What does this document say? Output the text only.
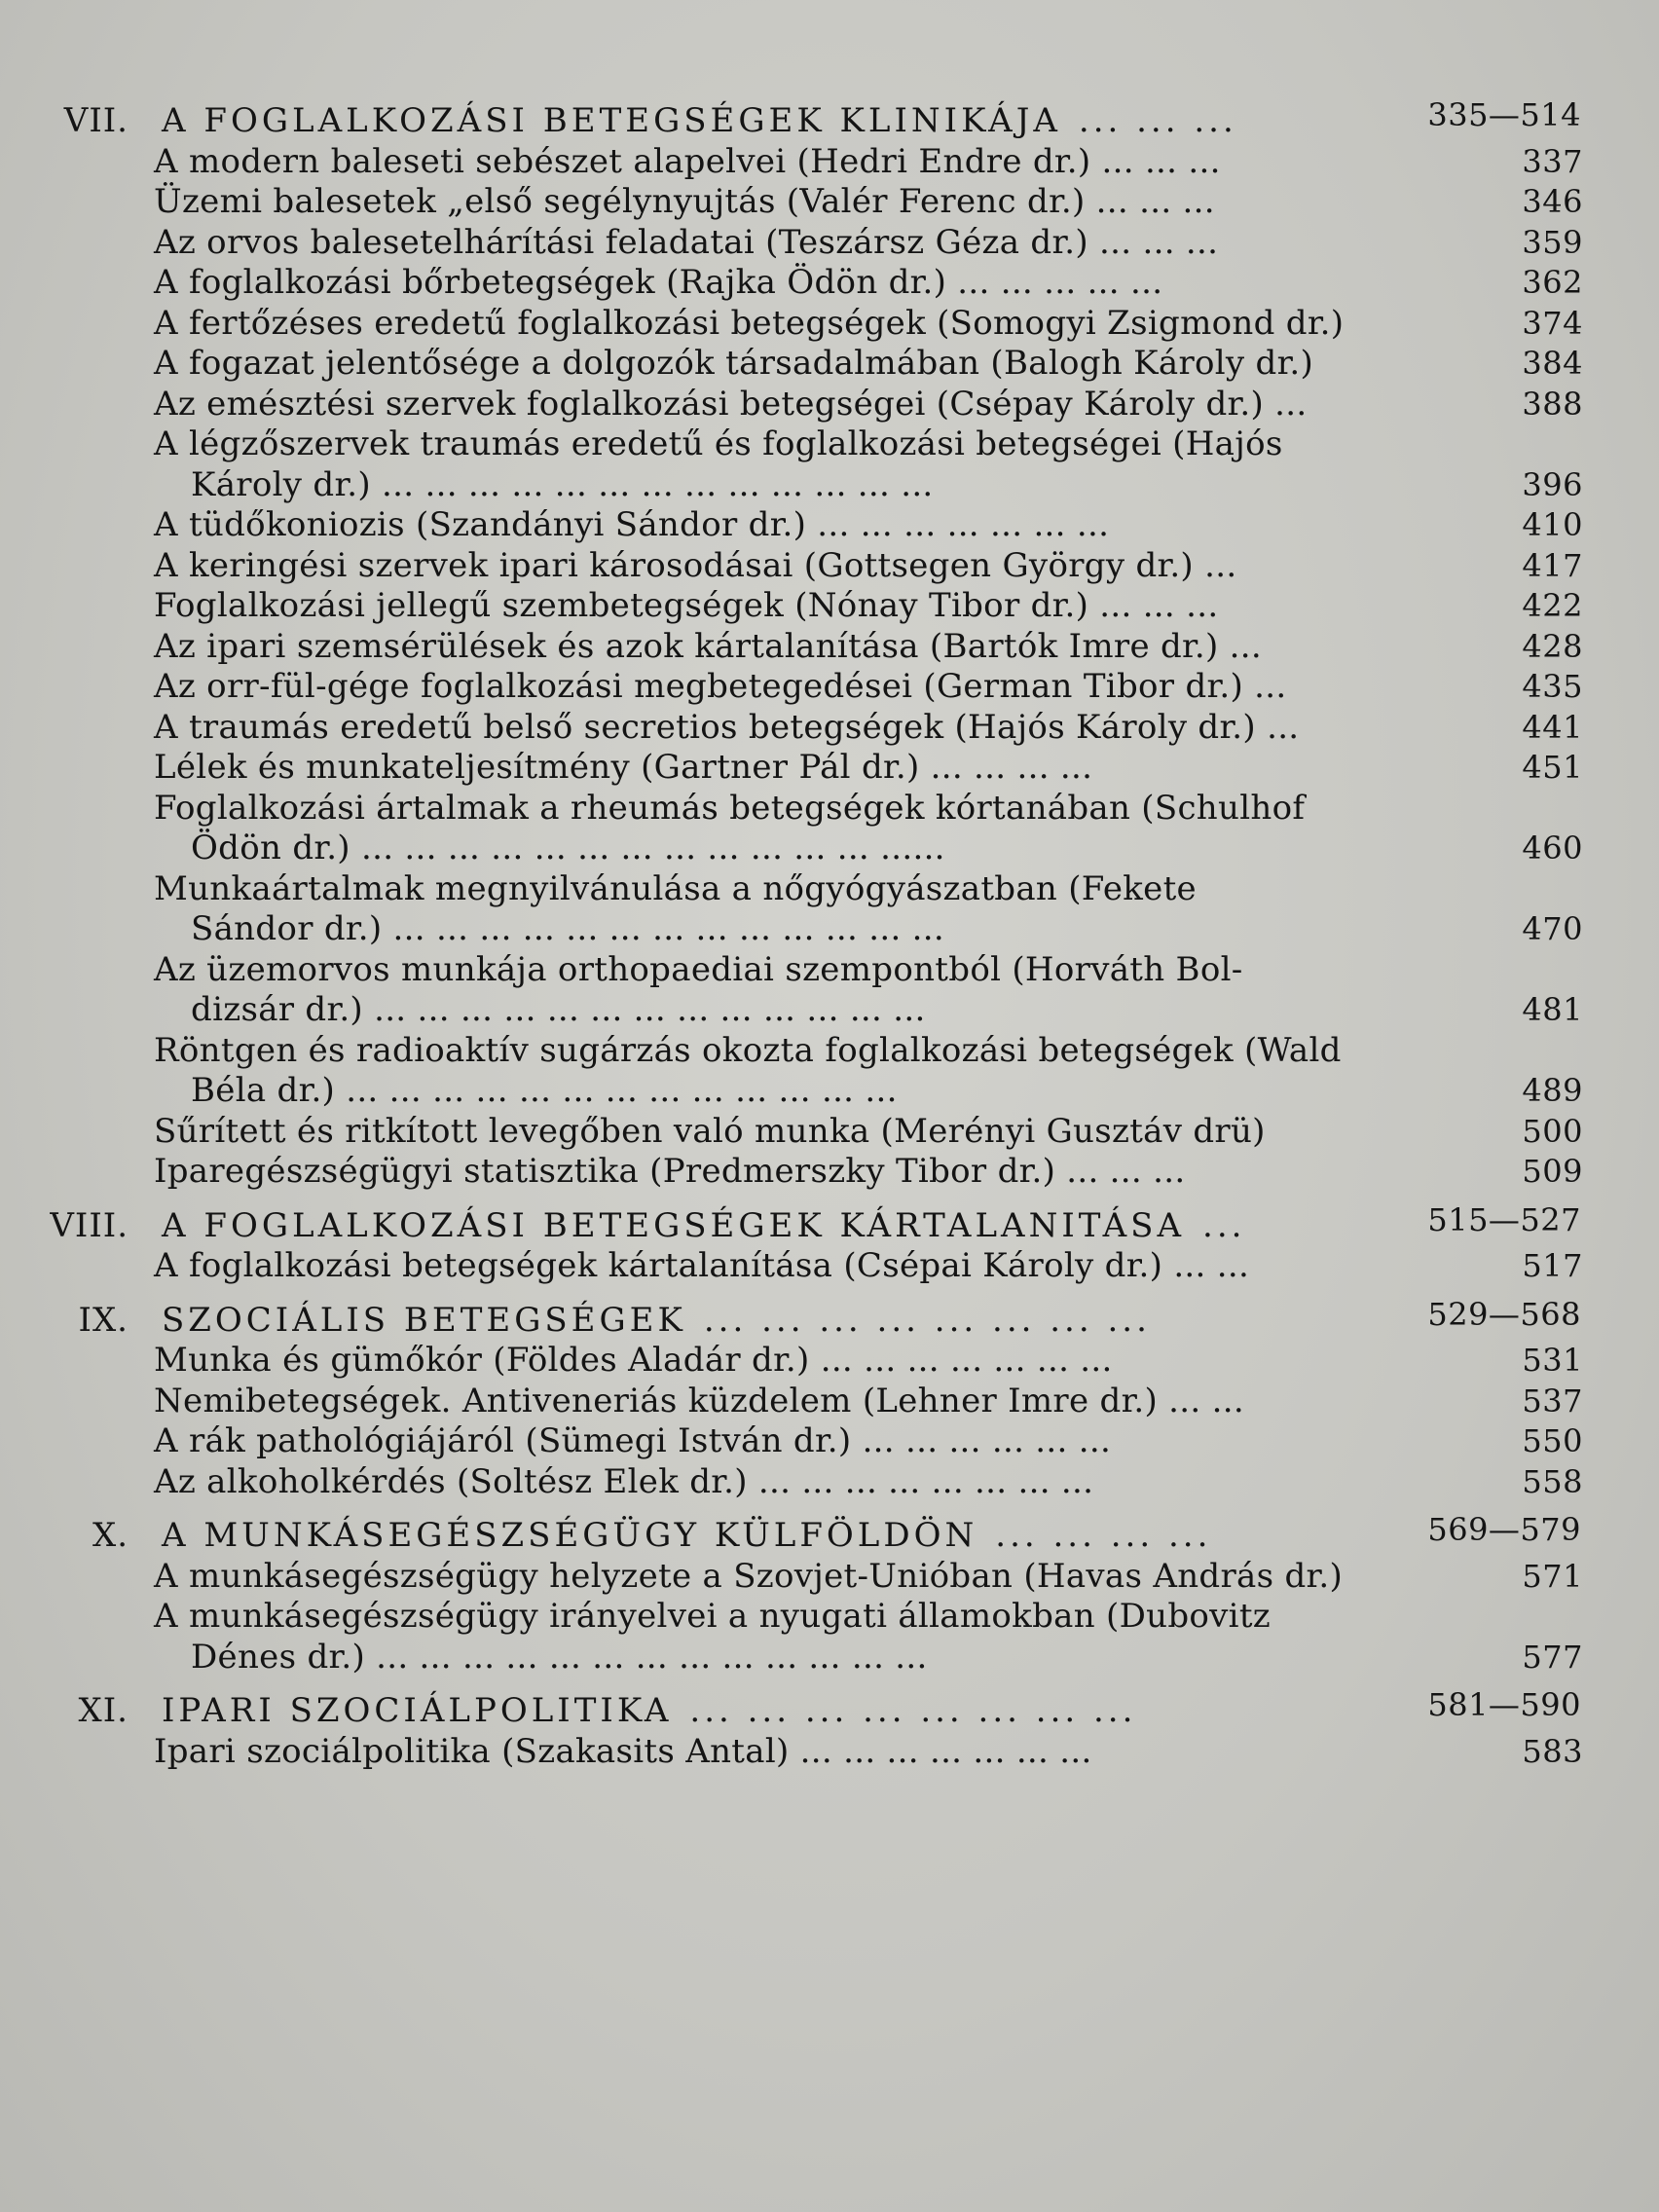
VII. A FOGLALKOZÁSI BETEGSÉGEK KLINIKÁJA ... ... ...	335—514
A modern baleseti sebészet alapelvei (Hedri Endre dr.) ... ... ...	337
Üzemi balesetek „első segélynyujtás (Valér Ferenc dr.) ... ... ...	346
Az orvos balesetelhárítási feladatai (Teszársz Géza dr.) ... ... ...	359
A foglalkozási bőrbetegségek (Rajka Ödön dr.) ... ... ... ... ...	362
A fertőzéses eredetű foglalkozási betegségek (Somogyi Zsigmond dr.)	374
A fogazat jelentősége a dolgozók társadalmában (Balogh Károly dr.)	384
Az emésztési szervek foglalkozási betegségei (Csépay Károly dr.) ...	388
A légzőszervek traumás eredetű és foglalkozási betegségei (Hajós
Károly dr.) ... ... ... ... ... ... ... ... ... ... ... ... ...	396
A tüdőkoniozis (Szandányi Sándor dr.) ... ... ... ... ... ... ...	410
A keringési szervek ipari károsodásai (Gottsegen György dr.) ...	417
Foglalkozási jellegű szembetegségek (Nónay Tibor dr.) ... ... ...	422
Az ipari szemsérülések és azok kártalanítása (Bartók Imre dr.) ...	428
Az orr-fül-gége foglalkozási megbetegedései (German Tibor dr.) ...	435
A traumás eredetű belső secretios betegségek (Hajós Károly dr.) ...	441
Lélek és munkateljesítmény (Gartner Pál dr.) ... ... ... ...	451
Foglalkozási ártalmak a rheumás betegségek kórtanában (Schulhof
Ödön dr.) ... ... ... ... ... ... ... ... ... ... ... ... ......	460
Munkaártalmak megnyilvánulása a nőgyógyászatban (Fekete
Sándor dr.) ... ... ... ... ... ... ... ... ... ... ... ... ...	470
Az üzemorvos munkája orthopaediai szempontból (Horváth Bol-
dizsár dr.) ... ... ... ... ... ... ... ... ... ... ... ... ...	481
Röntgen és radioaktív sugárzás okozta foglalkozási betegségek (Wald
Béla dr.) ... ... ... ... ... ... ... ... ... ... ... ... ...	489
Sűrített és ritkított levegőben való munka (Merényi Gusztáv drü)	500
Iparegészségügyi statisztika (Predmerszky Tibor dr.) ... ... ...	509
VIII. A FOGLALKOZÁSI BETEGSÉGEK KÁRTALANITÁSA ...	515—527
A foglalkozási betegségek kártalanítása (Csépai Károly dr.) ... ...	517
IX. SZOCIÁLIS BETEGSÉGEK ... ... ... ... ... ... ... ...	529—568
Munka és gümőkór (Földes Aladár dr.) ... ... ... ... ... ... ...	531
Nemibetegségek. Antiveneriás küzdelem (Lehner Imre dr.) ... ...	537
A rák pathológiájáról (Sümegi István dr.) ... ... ... ... ... ...	550
Az alkoholkérdés (Soltész Elek dr.) ... ... ... ... ... ... ... ...	558
X. A MUNKÁSEGÉSZSÉGÜGY KÜLFÖLDÖN ... ... ... ...	569—579
A munkásegészségügy helyzete a Szovjet-Unióban (Havas András dr.)	571
A munkásegészségügy irányelvei a nyugati államokban (Dubovitz
Dénes dr.) ... ... ... ... ... ... ... ... ... ... ... ... ...	577
XI. IPARI SZOCIÁLPOLITIKA ... ... ... ... ... ... ... ...	581—590
Ipari szociálpolitika (Szakasits Antal) ... ... ... ... ... ... ...	583
